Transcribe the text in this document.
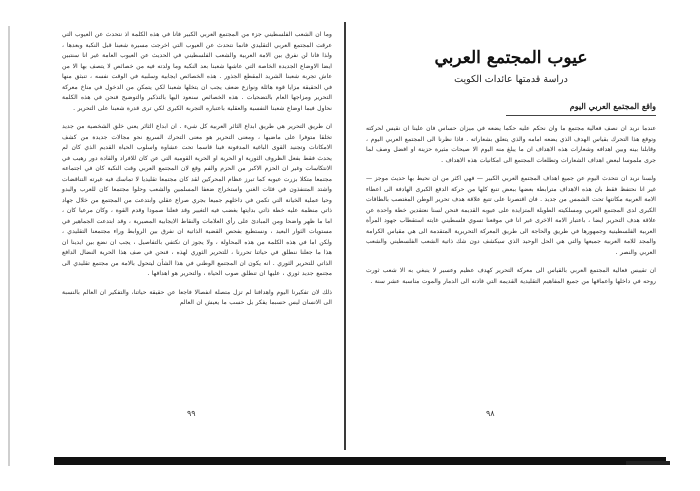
وما ان الشعب الفلسطيني جزء من المجتمع العربي الكبير فانا في هذه الكلمة اذ نتحدث عن العيوب التي عرقت المجتمع العربي التقليدي فانما نتحدث عن العيوب التي اخرجت مسيرة شعبنا قبل النكبة وبعدها ، ولذا فانا لن نفرق بين الامة العربية والشعب الفلسطيني في الحديث عن العيوب العامة غير انا سنتبين ايضا الاوضاع الجديدة الخاصة التي عاشها شعبنا بعد النكبة وما ولدته فيه من خصائص لا يتصف بها الا من عاش تجربة شعبنا الشريد المقطع الجذور . هذه الخصائص ايجابية وسلبية في الوقت نفسه ، تنبثق منها في الحقيقة مزايا قوة هائلة ونوازع ضعف يجب ان يتخلها شعبنا لكي يتمكن من الدخول في مناخ معركة التحرير ومزاجها العام بالتضحيات . هذه الخصائص سنعود اليها بالتذكير والتوضيح فنحن في هذه الكلمة نحاول فيما اوضاع شعبنا النفسية والعقلية باعتباره التجربة الكبرى لكي ترى قدرة شعبنا على التحرير .

ان طريق التحرير هي طريق ابداع الثائر العربية كل شيء . ان ابداع الثائر يعني خلق الشخصية من جديد تخلقا متوفرا على ماضيها ، ومعنى التحرير هو معنى التحرك السريع نحو مجالات جديدة من كشف الامكانات وتجنيد القوى الباغية المدفونة فينا قاسما تحت عشاوة واسلوب الحياة القديم الذي كان لم يحدث فقط بفعل الظروف الثورية او الحرية او الحرية القومية التي عن كان للافراد والقادة دور رهيب في الانتكاسات وغير ان الحزم الاكبر من الحزم والفم وقع لان المجتمع العربي وقت النكبة كان في اجتماعه مجتمعا متكلا بزرت عيوبه كما تبرز عظام المحركين لقد كان مجتمعا تقليديا لا تماسك فيه غيرته التناقضات واشتد المتنفذون في فئات الغني واستخراج ضعفا المسلمين والشعب وحلوا مجتمعا كان للعرب والبدو وحيا عملية الخيانة التي تكمن في داخلهم جميعا بجري صراع عقلي وابتدعت من المجتمع من خلال جهاد ذاتي منظمة عليه خطة ذاتي بدايتها بغضب فيه التغيير وقد فعلنا صمودا وقدم القوة ، وكان مرعيا كان ، اما ما ظهر واضحا ومن المبادئ على رأي العلامات والنقاط الايجابية المصيرية ، وقد ابتدعت الجماهير في مستويات الثوار البعيد ، ونستطيع بفحص القضية الذاتية ان نفرق بين الروابط وراء مجتمعنا التقليدي ، ولكن اما في هذه الكلمة من هذه المحاولة ، ولا يجوز ان نكتفي بالتفاصيل ، يجب ان نضع بين ايدينا ان هذا ما جعلنا ننطلق في حياتنا تحررنا ، للتحرير الثوري لهذه ، فنحن في صف هذا الحرية النضال الدافع الذاتي للتحرير الثوري . انه يكون ان المجتمع الوطني في هذا الشأن ليتحول بالامة من مجتمع تقليدي الى مجتمع جديد ثوري ، عليها ان تنطلق صوب الحياة ، والتحرير هو اهدافها .

ذلك لان تفكيرنا اليوم واهدافنا لم تزل متصلة انفصالا فاجعا عن حقيقة حياتنا، والتفكير ان العالم بالنسبة الى الانسان ليس حسبما يفكر بل حسب ما يعيش ان العالم

٩٩
عيوب المجتمع العربي
دراسة قدمتها عائدات الكويت
واقع المجتمع العربي اليوم

عندما نريد ان نصف فعالية مجتمع ما وان نحكم عليه حكما يضعه في ميزان حساس فان علينا ان نقيس لحركته وتوقع هذا التحرك بقياس الهدف الذي يضعه امامه والذي يتعلق بشعاراته . فاذا نظرنا الى المجتمع العربي اليوم ، وقابلنا بينه وبين اهدافه وشعارات هذه الاهداف ان ما يبلغ منه اليوم الا صيحات مثيرة حزينة او افضل وصف لما جرى ملموسا لبعض اهداف الشعارات وتطلعات المجتمع الى امكانيات هذه الاهداف .

ولسنا نريد ان نتحدث اليوم عن جميع اهداف المجتمع العربي الكبير — فهي اكثر من ان نحيط بها حديث موجز — غير انا نحتفظ فقط بان هذه الاهداف مترابطة بعضها ببعض تنبع كلها من حركة الدفع الكبرى الهادفة الى اعطاء الامة العربية مكانتها تحت الشمس من جديد . فان اقتصرنا على تتبع علاقة هدف تحرير الوطن المغتصب بالطاقات الكبرى لدى المجتمع العربي ومسلكيته الطويلة المتزايدة على عيوبه القديمة فنحن لسنا نعتقدين خطة واحدة عن علاقة هدف التحرير ايضا ، باعتبار الامة الاخرى غير انا في موقعنا تسوي فلسطيني غايته استقطاب جهود المرأة العربية الفلسطينية وجمهورها في طريق والحاجة الى طريق المعركة التحريرية المتقدمة الى هي مقياس الكرامة والمجد للامة العربية جميعها والتي هي الحل الوحيد الذي سيكشف دون شك ذاتية الشعب الفلسطيني والشعب العربي والنصر .

ان تقييس فعالية المجتمع العربي بالقياس الى معركة التحرير كهدف عظيم وعسير لا ينبغي به الا شعب ثورت روحه في داخلها واعماقها من جميع المفاهيم التقليدية القديمة التي قادته الى الدمار والموت مناسبة عشر سنة .

٩٨
